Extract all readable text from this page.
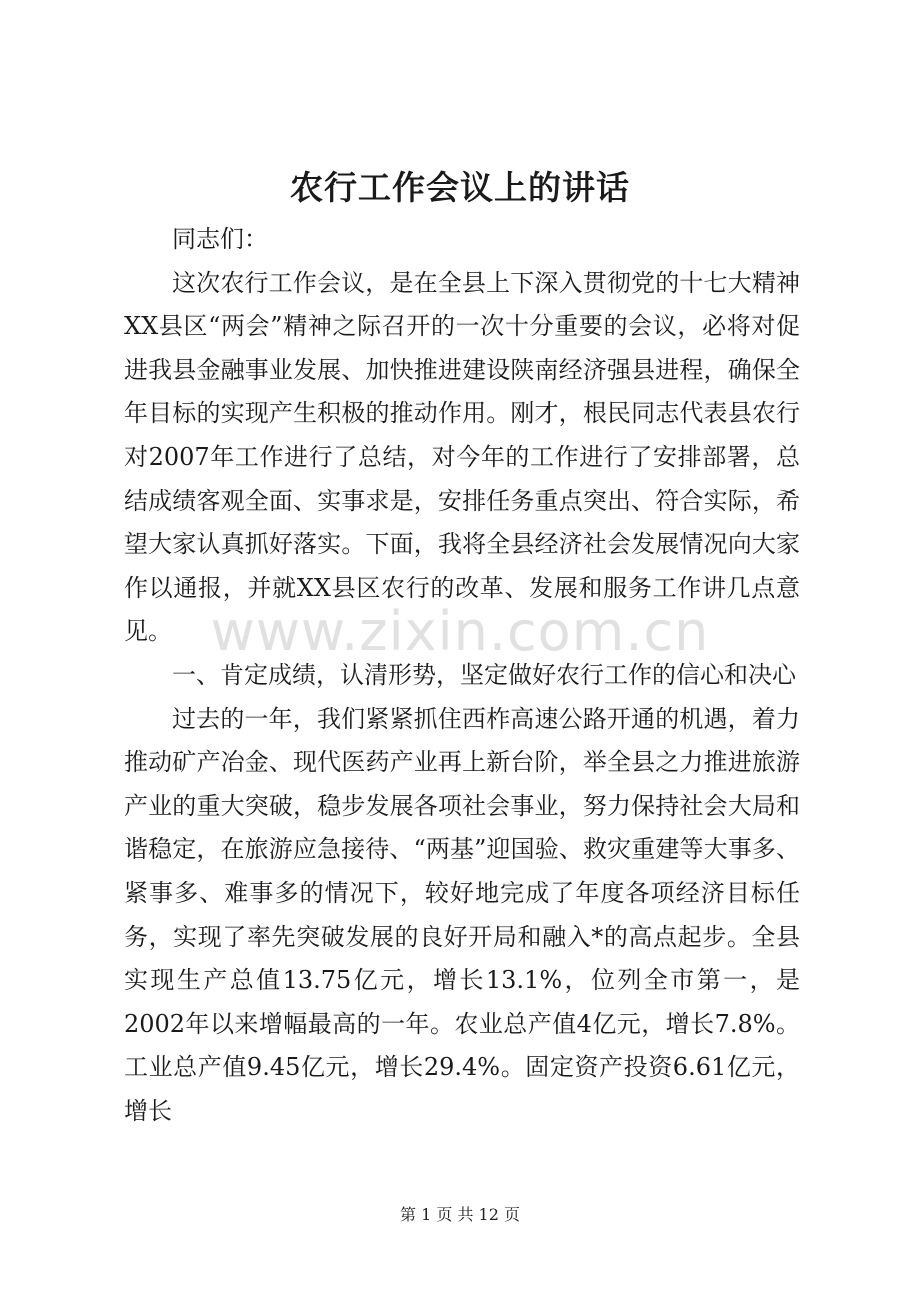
农行工作会议上的讲话

同志们：

这次农行工作会议，是在全县上下深入贯彻党的十七大精神XX县区“两会”精神之际召开的一次十分重要的会议，必将对促进我县金融事业发展、加快推进建设陕南经济强县进程，确保全年目标的实现产生积极的推动作用。刚才，根民同志代表县农行对2007年工作进行了总结，对今年的工作进行了安排部署，总结成绩客观全面、实事求是，安排任务重点突出、符合实际，希望大家认真抓好落实。下面，我将全县经济社会发展情况向大家作以通报，并就XX县区农行的改革、发展和服务工作讲几点意见。

一、肯定成绩，认清形势，坚定做好农行工作的信心和决心

过去的一年，我们紧紧抓住西柞高速公路开通的机遇，着力推动矿产冶金、现代医药产业再上新台阶，举全县之力推进旅游产业的重大突破，稳步发展各项社会事业，努力保持社会大局和谐稳定，在旅游应急接待、“两基”迎国验、救灾重建等大事多、紧事多、难事多的情况下，较好地完成了年度各项经济目标任务，实现了率先突破发展的良好开局和融入*的高点起步。全县实现生产总值13.75亿元，增长13.1%，位列全市第一，是2002年以来增幅最高的一年。农业总产值4亿元，增长7.8%。工业总产值9.45亿元，增长29.4%。固定资产投资6.61亿元，增长

www.zixin.com.cn
第 1 页 共 12 页
